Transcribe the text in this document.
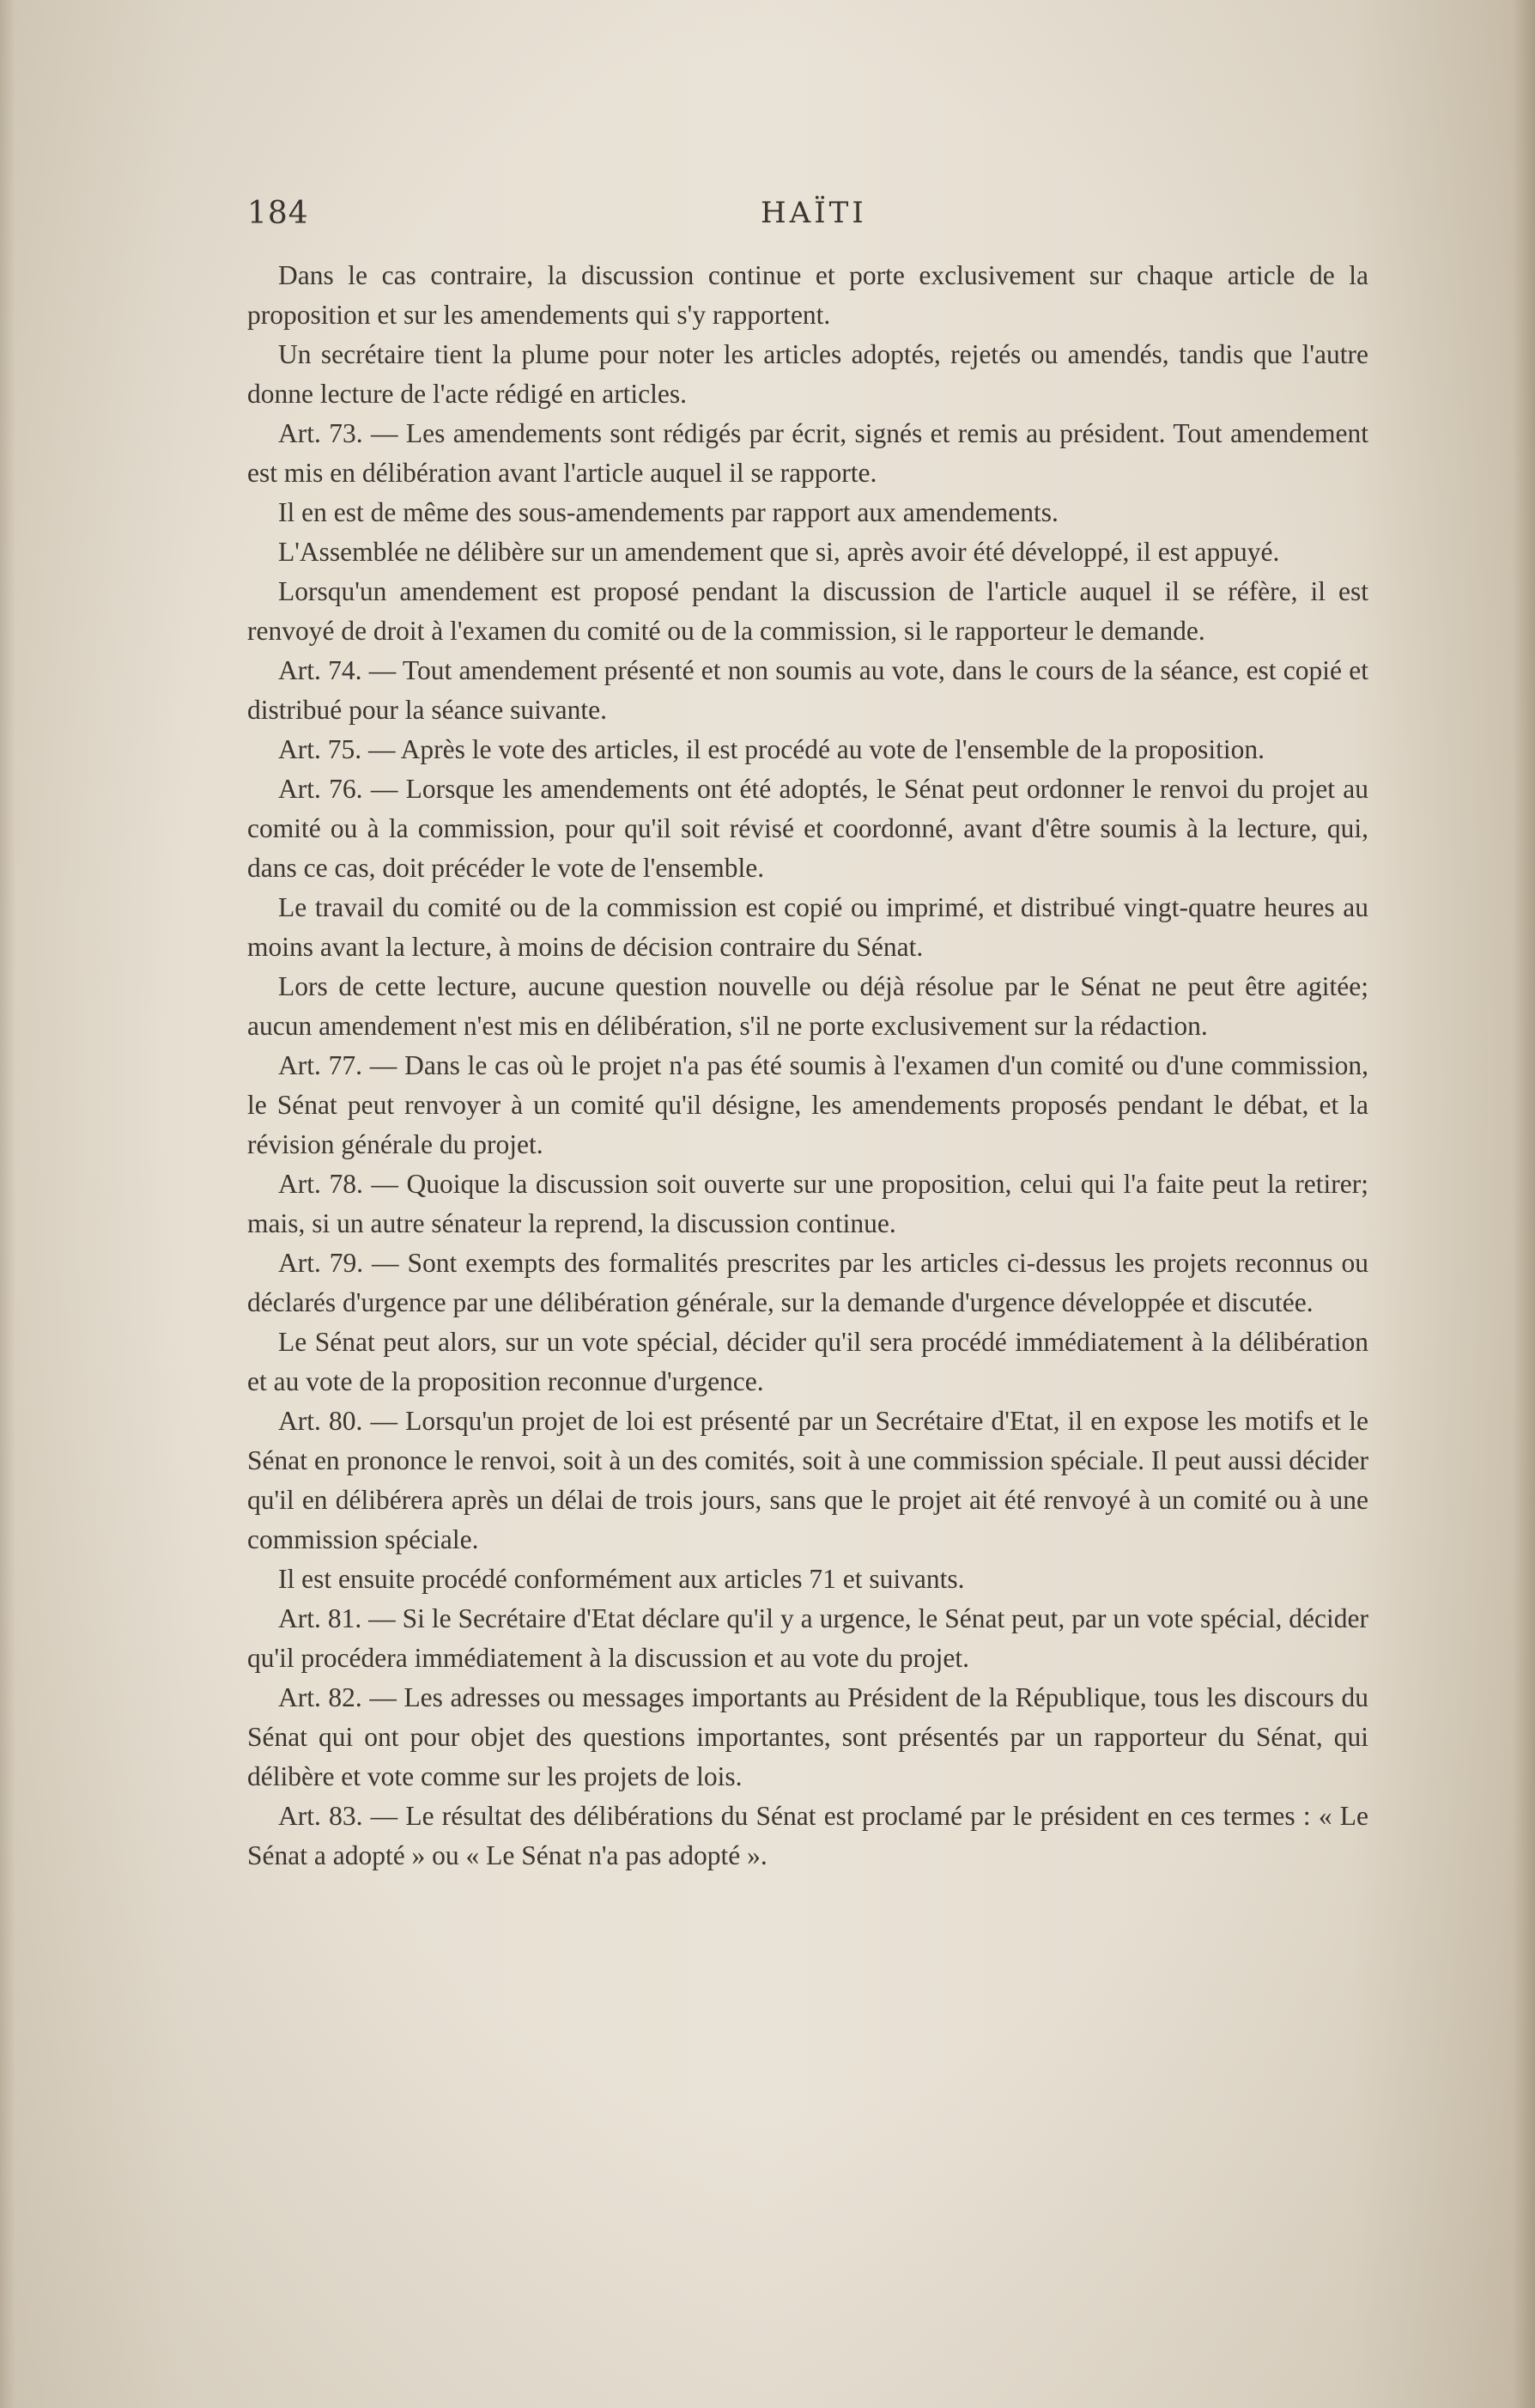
184	HAÏTI

Dans le cas contraire, la discussion continue et porte exclusivement sur chaque article de la proposition et sur les amendements qui s'y rapportent.

Un secrétaire tient la plume pour noter les articles adoptés, rejetés ou amendés, tandis que l'autre donne lecture de l'acte rédigé en articles.

Art. 73. — Les amendements sont rédigés par écrit, signés et remis au président. Tout amendement est mis en délibération avant l'article auquel il se rapporte.

Il en est de même des sous-amendements par rapport aux amendements.

L'Assemblée ne délibère sur un amendement que si, après avoir été développé, il est appuyé.

Lorsqu'un amendement est proposé pendant la discussion de l'article auquel il se réfère, il est renvoyé de droit à l'examen du comité ou de la commission, si le rapporteur le demande.

Art. 74. — Tout amendement présenté et non soumis au vote, dans le cours de la séance, est copié et distribué pour la séance suivante.

Art. 75. — Après le vote des articles, il est procédé au vote de l'ensemble de la proposition.

Art. 76. — Lorsque les amendements ont été adoptés, le Sénat peut ordonner le renvoi du projet au comité ou à la commission, pour qu'il soit révisé et coordonné, avant d'être soumis à la lecture, qui, dans ce cas, doit précéder le vote de l'ensemble.

Le travail du comité ou de la commission est copié ou imprimé, et distribué vingt-quatre heures au moins avant la lecture, à moins de décision contraire du Sénat.

Lors de cette lecture, aucune question nouvelle ou déjà résolue par le Sénat ne peut être agitée; aucun amendement n'est mis en délibération, s'il ne porte exclusivement sur la rédaction.

Art. 77. — Dans le cas où le projet n'a pas été soumis à l'examen d'un comité ou d'une commission, le Sénat peut renvoyer à un comité qu'il désigne, les amendements proposés pendant le débat, et la révision générale du projet.

Art. 78. — Quoique la discussion soit ouverte sur une proposition, celui qui l'a faite peut la retirer; mais, si un autre sénateur la reprend, la discussion continue.

Art. 79. — Sont exempts des formalités prescrites par les articles ci-dessus les projets reconnus ou déclarés d'urgence par une délibération générale, sur la demande d'urgence développée et discutée.

Le Sénat peut alors, sur un vote spécial, décider qu'il sera procédé immédiatement à la délibération et au vote de la proposition reconnue d'urgence.

Art. 80. — Lorsqu'un projet de loi est présenté par un Secrétaire d'Etat, il en expose les motifs et le Sénat en prononce le renvoi, soit à un des comités, soit à une commission spéciale. Il peut aussi décider qu'il en délibérera après un délai de trois jours, sans que le projet ait été renvoyé à un comité ou à une commission spéciale.

Il est ensuite procédé conformément aux articles 71 et suivants.

Art. 81. — Si le Secrétaire d'Etat déclare qu'il y a urgence, le Sénat peut, par un vote spécial, décider qu'il procédera immédiatement à la discussion et au vote du projet.

Art. 82. — Les adresses ou messages importants au Président de la République, tous les discours du Sénat qui ont pour objet des questions importantes, sont présentés par un rapporteur du Sénat, qui délibère et vote comme sur les projets de lois.

Art. 83. — Le résultat des délibérations du Sénat est proclamé par le président en ces termes : « Le Sénat a adopté » ou « Le Sénat n'a pas adopté ».
